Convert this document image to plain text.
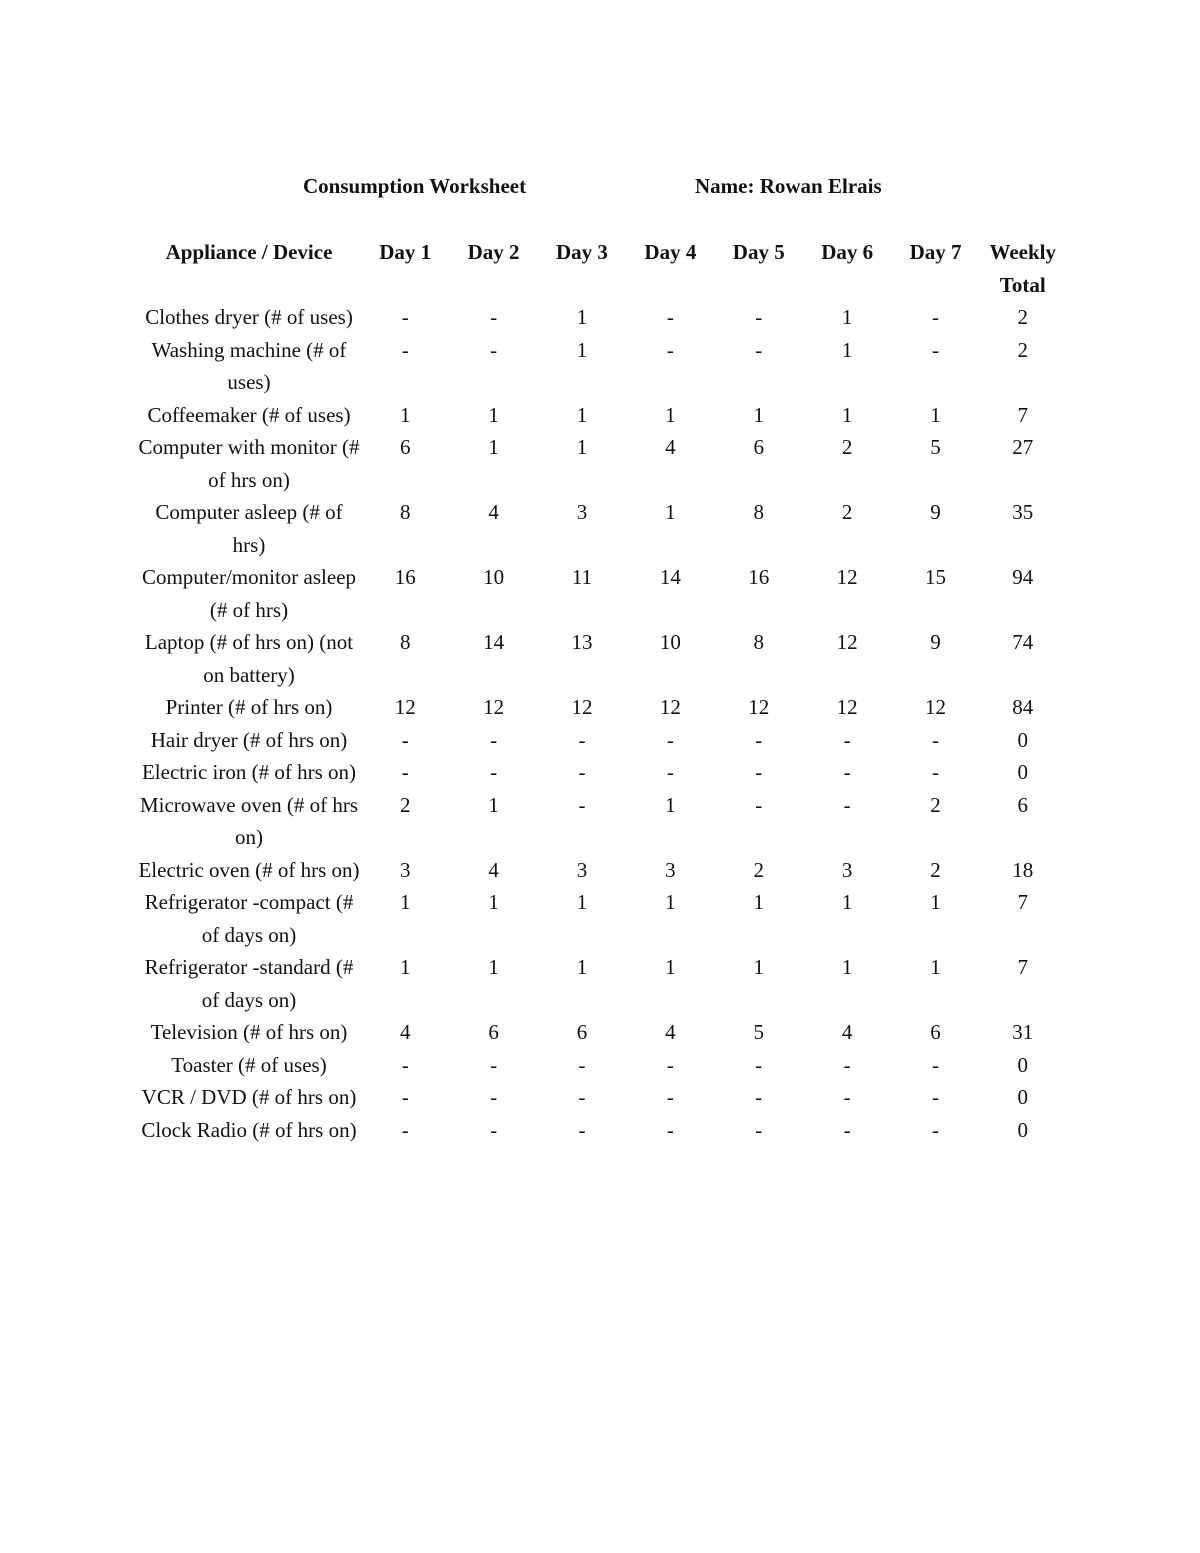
Consumption Worksheet	Name: Rowan Elrais
Appliance / Device	Day 1	Day 2	Day 3	Day 4	Day 5	Day 6	Day 7	Weekly Total
Clothes dryer (# of uses)	-	-	1	-	-	1	-	2
Washing machine (# of uses)	-	-	1	-	-	1	-	2
Coffeemaker (# of uses)	1	1	1	1	1	1	1	7
Computer with monitor (# of hrs on)	6	1	1	4	6	2	5	27
Computer asleep (# of hrs)	8	4	3	1	8	2	9	35
Computer/monitor asleep (# of hrs)	16	10	11	14	16	12	15	94
Laptop (# of hrs on) (not on battery)	8	14	13	10	8	12	9	74
Printer (# of hrs on)	12	12	12	12	12	12	12	84
Hair dryer (# of hrs on)	-	-	-	-	-	-	-	0
Electric iron (# of hrs on)	-	-	-	-	-	-	-	0
Microwave oven (# of hrs on)	2	1	-	1	-	-	2	6
Electric oven (# of hrs on)	3	4	3	3	2	3	2	18
Refrigerator -compact (# of days on)	1	1	1	1	1	1	1	7
Refrigerator -standard (# of days on)	1	1	1	1	1	1	1	7
Television (# of hrs on)	4	6	6	4	5	4	6	31
Toaster (# of uses)	-	-	-	-	-	-	-	0
VCR / DVD (# of hrs on)	-	-	-	-	-	-	-	0
Clock Radio (# of hrs on)	-	-	-	-	-	-	-	0
